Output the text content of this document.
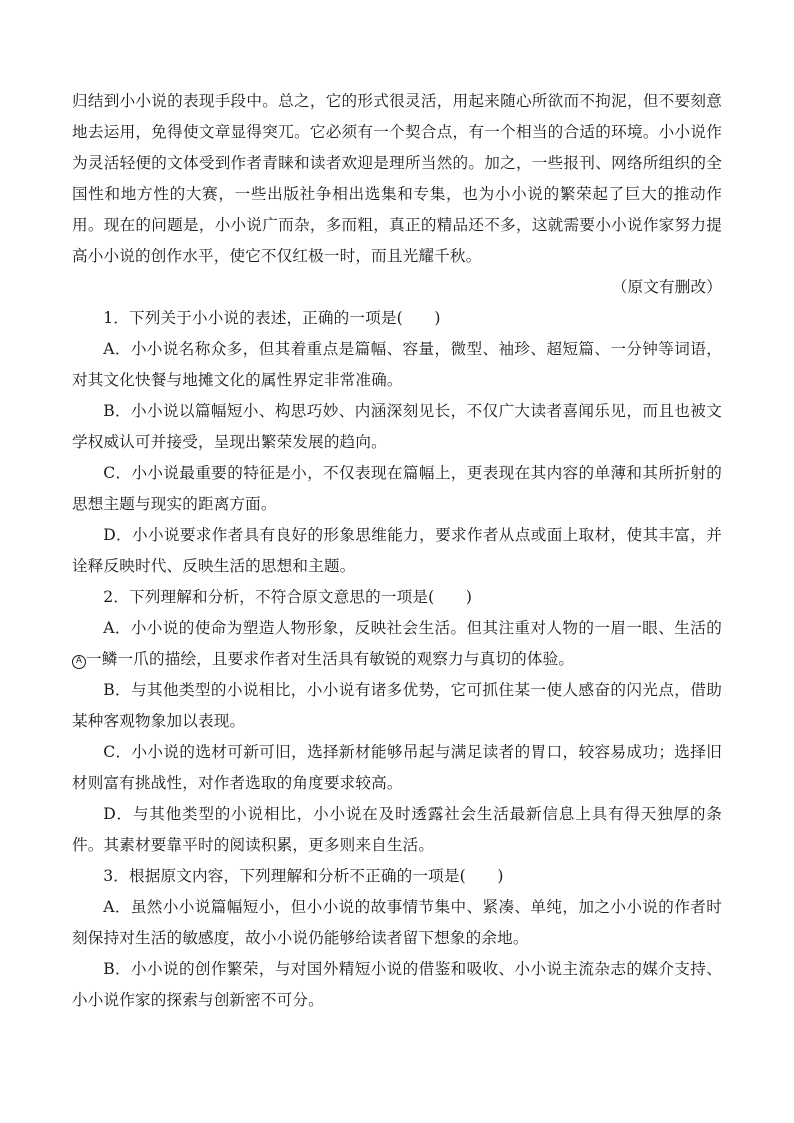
归结到小小说的表现手段中。总之，它的形式很灵活，用起来随心所欲而不拘泥，但不要刻意地去运用，免得使文章显得突兀。它必须有一个契合点，有一个相当的合适的环境。小小说作为灵活轻便的文体受到作者青睐和读者欢迎是理所当然的。加之，一些报刊、网络所组织的全国性和地方性的大赛，一些出版社争相出选集和专集，也为小小说的繁荣起了巨大的推动作用。现在的问题是，小小说广而杂，多而粗，真正的精品还不多，这就需要小小说作家努力提高小小说的创作水平，使它不仅红极一时，而且光耀千秋。

（原文有删改）

1．下列关于小小说的表述，正确的一项是(　　)

A．小小说名称众多，但其着重点是篇幅、容量，微型、袖珍、超短篇、一分钟等词语，对其文化快餐与地摊文化的属性界定非常准确。

B．小小说以篇幅短小、构思巧妙、内涵深刻见长，不仅广大读者喜闻乐见，而且也被文学权威认可并接受，呈现出繁荣发展的趋向。

C．小小说最重要的特征是小，不仅表现在篇幅上，更表现在其内容的单薄和其所折射的思想主题与现实的距离方面。

D．小小说要求作者具有良好的形象思维能力，要求作者从点或面上取材，使其丰富，并诠释反映时代、反映生活的思想和主题。

2．下列理解和分析，不符合原文意思的一项是(　　)

A．小小说的使命为塑造人物形象，反映社会生活。但其注重对人物的一眉一眼、生活的A 一鳞一爪的描绘，且要求作者对生活具有敏锐的观察力与真切的体验。

B．与其他类型的小说相比，小小说有诸多优势，它可抓住某一使人感奋的闪光点，借助某种客观物象加以表现。

C．小小说的选材可新可旧，选择新材能够吊起与满足读者的胃口，较容易成功；选择旧材则富有挑战性，对作者选取的角度要求较高。

D．与其他类型的小说相比，小小说在及时透露社会生活最新信息上具有得天独厚的条件。其素材要靠平时的阅读积累，更多则来自生活。

3．根据原文内容，下列理解和分析不正确的一项是(　　)

A．虽然小小说篇幅短小，但小小说的故事情节集中、紧凑、单纯，加之小小说的作者时刻保持对生活的敏感度，故小小说仍能够给读者留下想象的余地。

B．小小说的创作繁荣，与对国外精短小说的借鉴和吸收、小小说主流杂志的媒介支持、小小说作家的探索与创新密不可分。
